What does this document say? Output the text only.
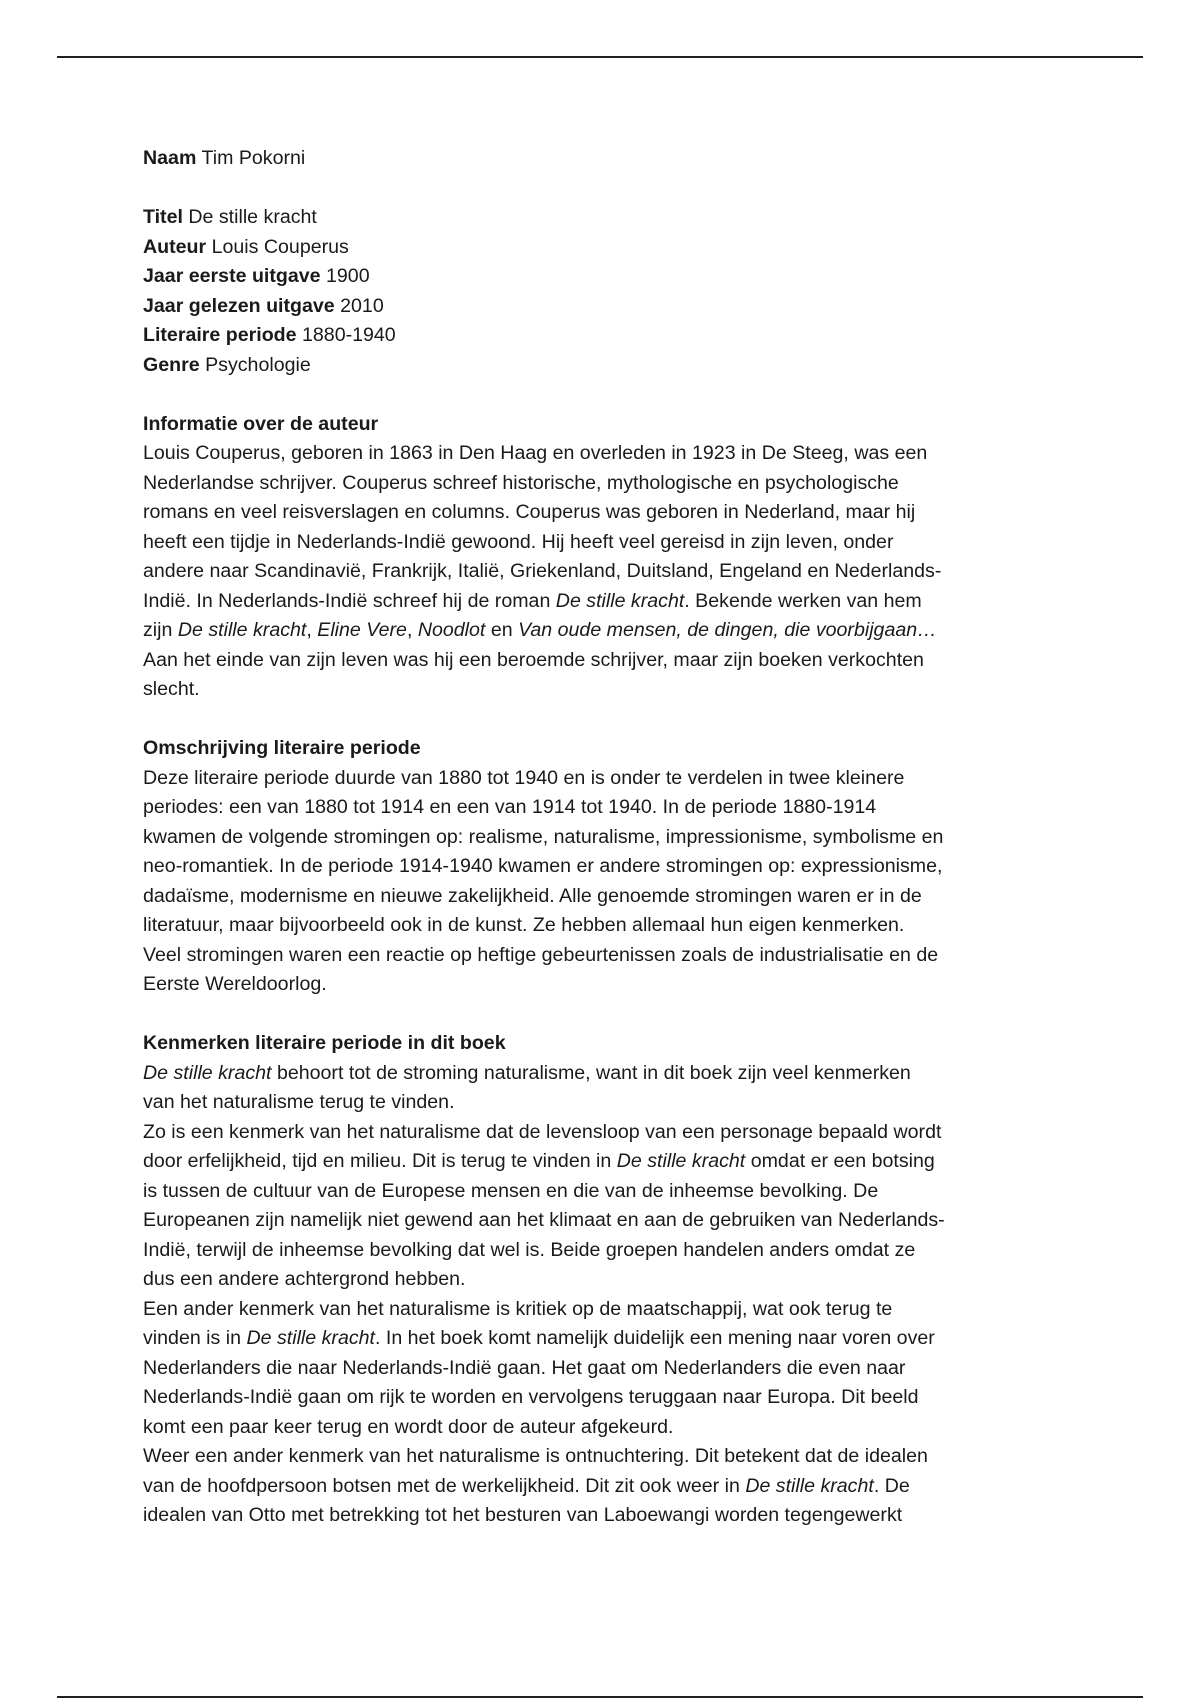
Naam Tim Pokorni
Titel De stille kracht
Auteur Louis Couperus
Jaar eerste uitgave 1900
Jaar gelezen uitgave 2010
Literaire periode 1880-1940
Genre Psychologie
Informatie over de auteur
Louis Couperus, geboren in 1863 in Den Haag en overleden in 1923 in De Steeg, was een
Nederlandse schrijver. Couperus schreef historische, mythologische en psychologische
romans en veel reisverslagen en columns. Couperus was geboren in Nederland, maar hij
heeft een tijdje in Nederlands-Indië gewoond. Hij heeft veel gereisd in zijn leven, onder
andere naar Scandinavië, Frankrijk, Italië, Griekenland, Duitsland, Engeland en Nederlands-
Indië. In Nederlands-Indië schreef hij de roman De stille kracht. Bekende werken van hem
zijn De stille kracht, Eline Vere, Noodlot en Van oude mensen, de dingen, die voorbijgaan…
Aan het einde van zijn leven was hij een beroemde schrijver, maar zijn boeken verkochten
slecht.
Omschrijving literaire periode
Deze literaire periode duurde van 1880 tot 1940 en is onder te verdelen in twee kleinere
periodes: een van 1880 tot 1914 en een van 1914 tot 1940. In de periode 1880-1914
kwamen de volgende stromingen op: realisme, naturalisme, impressionisme, symbolisme en
neo-romantiek. In de periode 1914-1940 kwamen er andere stromingen op: expressionisme,
dadaïsme, modernisme en nieuwe zakelijkheid. Alle genoemde stromingen waren er in de
literatuur, maar bijvoorbeeld ook in de kunst. Ze hebben allemaal hun eigen kenmerken.
Veel stromingen waren een reactie op heftige gebeurtenissen zoals de industrialisatie en de
Eerste Wereldoorlog.
Kenmerken literaire periode in dit boek
De stille kracht behoort tot de stroming naturalisme, want in dit boek zijn veel kenmerken
van het naturalisme terug te vinden.
Zo is een kenmerk van het naturalisme dat de levensloop van een personage bepaald wordt
door erfelijkheid, tijd en milieu. Dit is terug te vinden in De stille kracht omdat er een botsing
is tussen de cultuur van de Europese mensen en die van de inheemse bevolking. De
Europeanen zijn namelijk niet gewend aan het klimaat en aan de gebruiken van Nederlands-
Indië, terwijl de inheemse bevolking dat wel is. Beide groepen handelen anders omdat ze
dus een andere achtergrond hebben.
Een ander kenmerk van het naturalisme is kritiek op de maatschappij, wat ook terug te
vinden is in De stille kracht. In het boek komt namelijk duidelijk een mening naar voren over
Nederlanders die naar Nederlands-Indië gaan. Het gaat om Nederlanders die even naar
Nederlands-Indië gaan om rijk te worden en vervolgens teruggaan naar Europa. Dit beeld
komt een paar keer terug en wordt door de auteur afgekeurd.
Weer een ander kenmerk van het naturalisme is ontnuchtering. Dit betekent dat de idealen
van de hoofdpersoon botsen met de werkelijkheid. Dit zit ook weer in De stille kracht. De
idealen van Otto met betrekking tot het besturen van Laboewangi worden tegengewerkt
